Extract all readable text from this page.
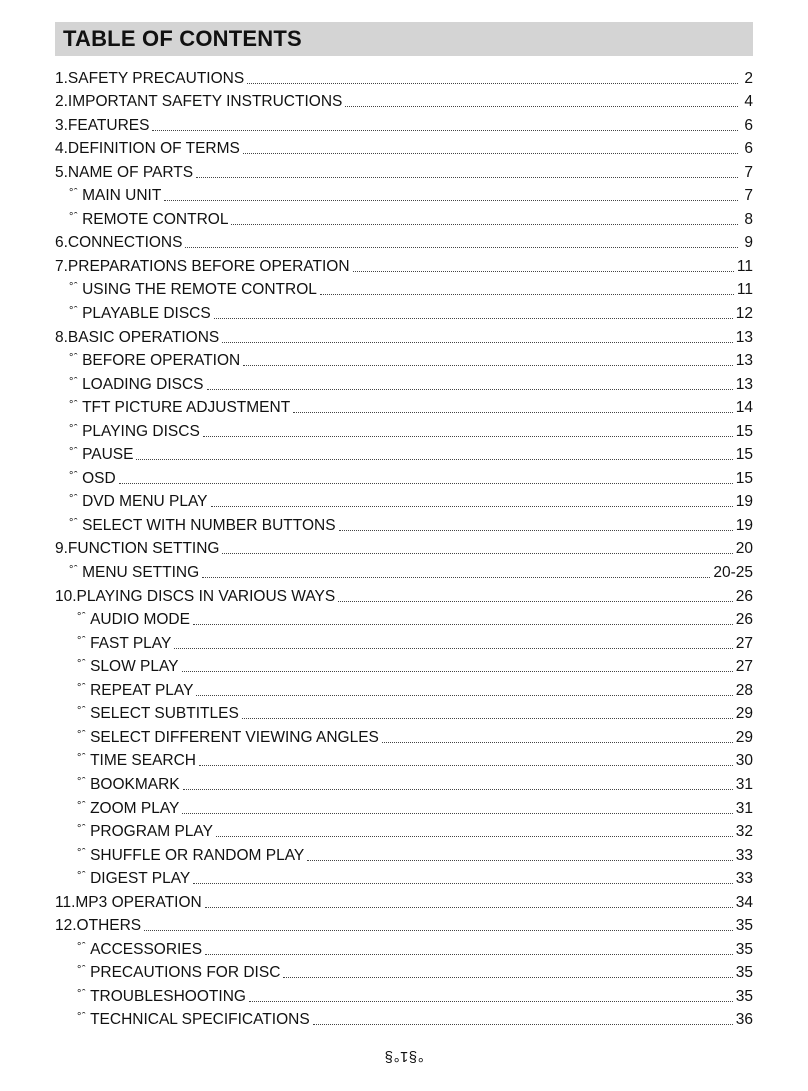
TABLE OF CONTENTS
1.SAFETY PRECAUTIONS	2
2.IMPORTANT SAFETY INSTRUCTIONS	4
3.FEATURES	6
4.DEFINITION OF TERMS	6
5.NAME OF PARTS	7
°ˆ MAIN UNIT	7
°ˆ REMOTE CONTROL	8
6.CONNECTIONS	9
7.PREPARATIONS BEFORE OPERATION	11
°ˆ USING THE REMOTE CONTROL	11
°ˆ PLAYABLE DISCS	12
8.BASIC OPERATIONS	13
°ˆ BEFORE OPERATION	13
°ˆ LOADING DISCS	13
°ˆ TFT PICTURE ADJUSTMENT	14
°ˆ PLAYING DISCS	15
°ˆ PAUSE	15
°ˆ OSD	15
°ˆ DVD MENU PLAY	19
°ˆ SELECT WITH NUMBER BUTTONS	19
9.FUNCTION SETTING	20
°ˆ MENU SETTING	20-25
10.PLAYING DISCS IN VARIOUS WAYS	26
°ˆ AUDIO MODE	26
°ˆ FAST PLAY	27
°ˆ SLOW PLAY	27
°ˆ REPEAT PLAY	28
°ˆ SELECT SUBTITLES	29
°ˆ SELECT DIFFERENT VIEWING ANGLES	29
°ˆ TIME SEARCH	30
°ˆ BOOKMARK	31
°ˆ ZOOM PLAY	31
°ˆ PROGRAM PLAY	32
°ˆ SHUFFLE OR RANDOM PLAY	33
°ˆ DIGEST PLAY	33
11.MP3 OPERATION	34
12.OTHERS	35
°ˆ ACCESSORIES	35
°ˆ PRECAUTIONS FOR DISC	35
°ˆ TROUBLESHOOTING	35
°ˆ TECHNICAL SPECIFICATIONS	36
°§1°§
